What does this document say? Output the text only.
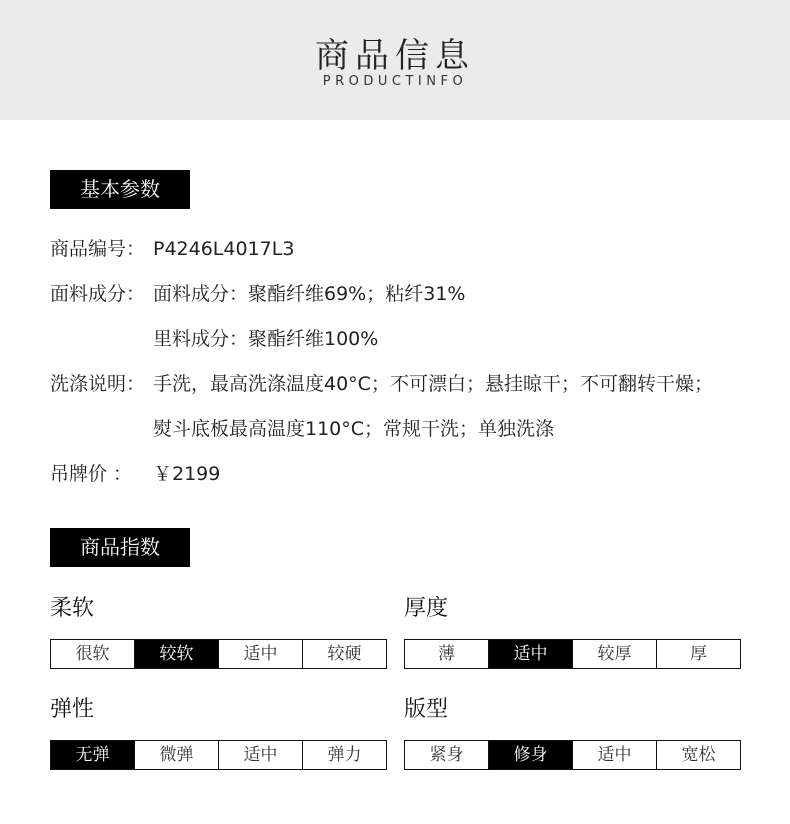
商品信息
PRODUCTINFO
基本参数
商品编号： P4246L4017L3
面料成分： 面料成分：聚酯纤维69%；粘纤31%
里料成分：聚酯纤维100%
洗涤说明： 手洗，最高洗涤温度40°C；不可漂白；悬挂晾干；不可翻转干燥；
熨斗底板最高温度110°C；常规干洗；单独洗涤
吊牌价 ： ￥2199
商品指数
柔软
很软	较软	适中	较硬
厚度
薄	适中	较厚	厚
弹性
无弹	微弹	适中	弹力
版型
紧身	修身	适中	宽松
